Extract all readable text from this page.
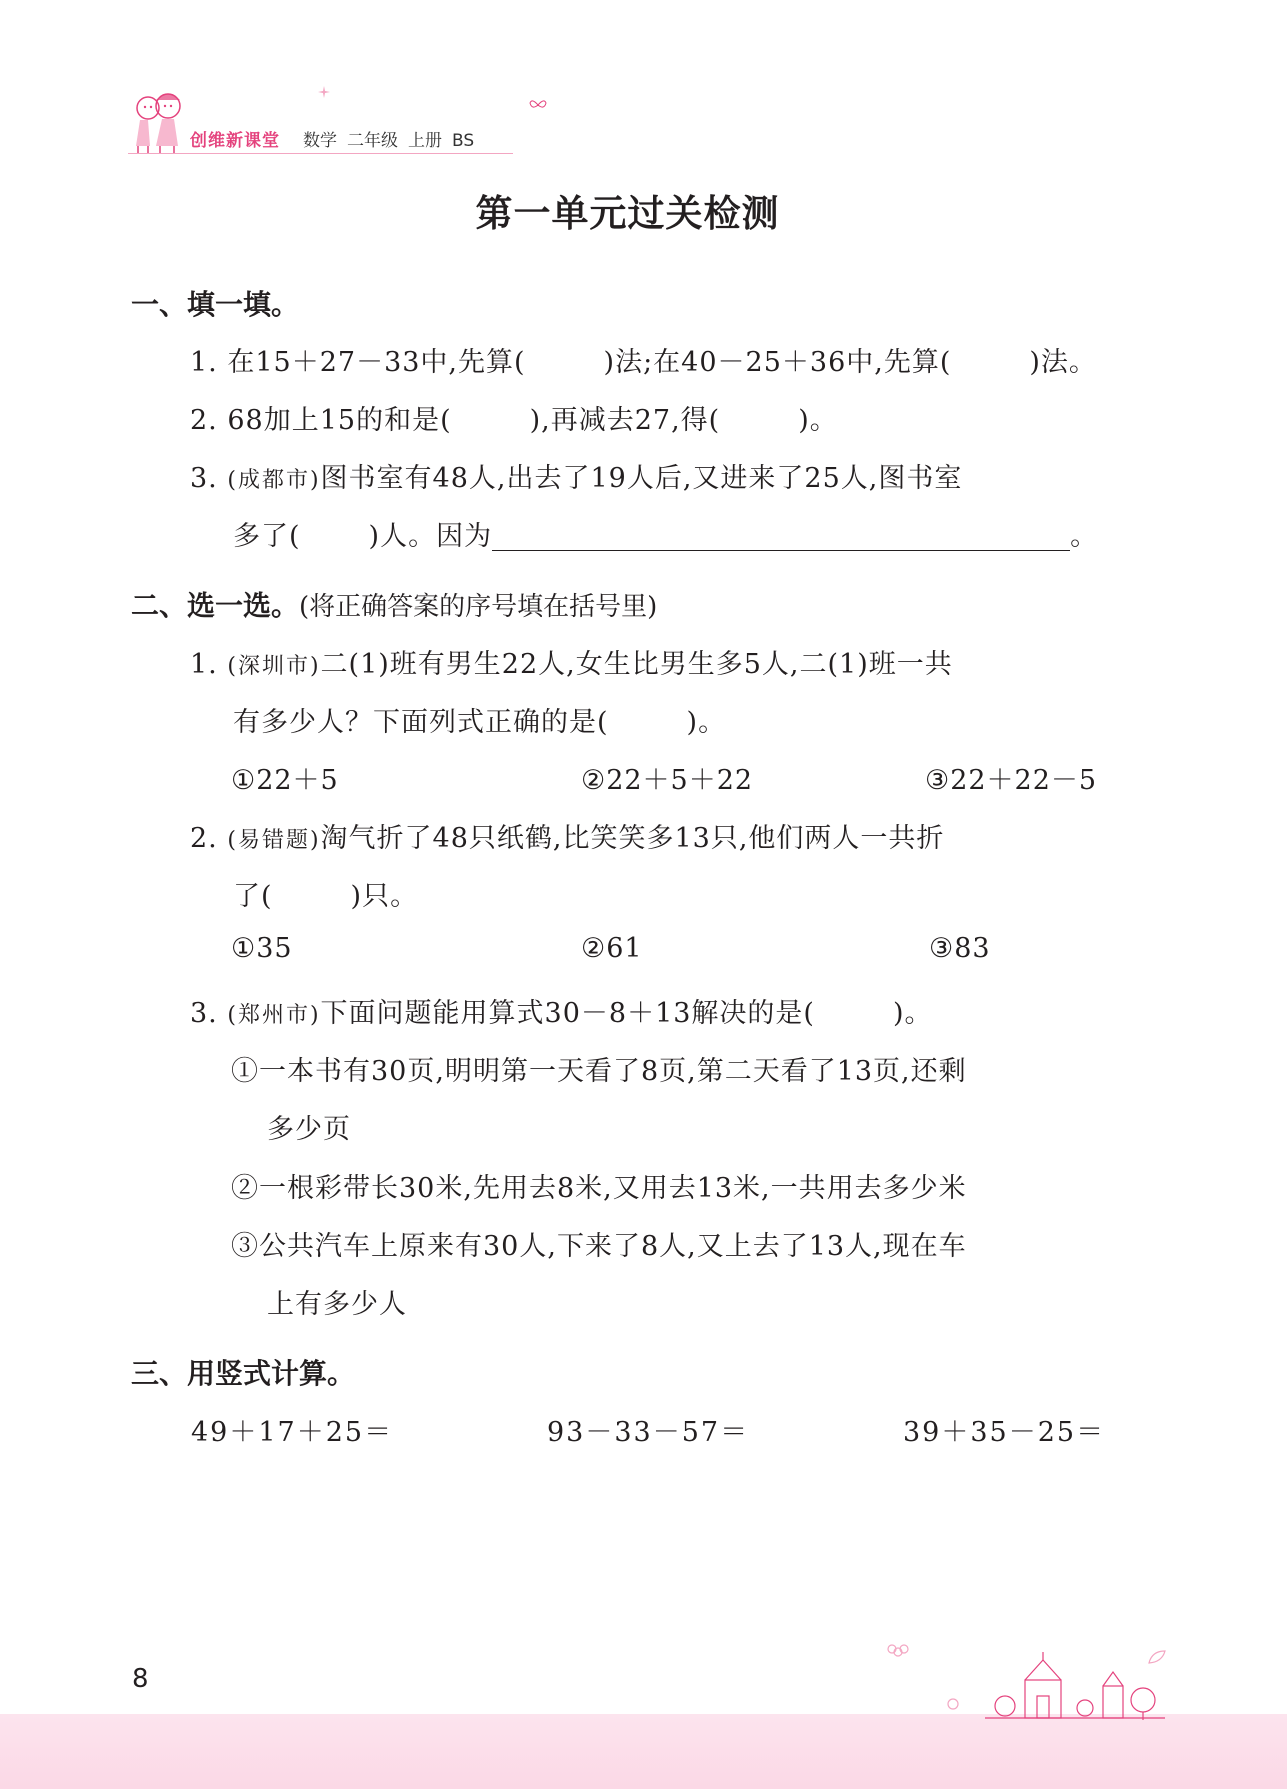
创维新课堂 数学 二年级 上册 BS
第一单元过关检测
一、填一填。
1. 在15＋27－33中,先算(	)法;在40－25＋36中,先算(	)法。
2. 68加上15的和是(	),再减去27,得(	)。
3. (成都市)图书室有48人,出去了19人后,又进来了25人,图书室
多了(	)人。因为	。
二、选一选。(将正确答案的序号填在括号里)
1. (深圳市)二(1)班有男生22人,女生比男生多5人,二(1)班一共
有多少人？下面列式正确的是(	)。
①22＋5	②22＋5＋22	③22＋22－5
2. (易错题)淘气折了48只纸鹤,比笑笑多13只,他们两人一共折
了(	)只。
①35	②61	③83
3. (郑州市)下面问题能用算式30－8＋13解决的是(	)。
①一本书有30页,明明第一天看了8页,第二天看了13页,还剩
多少页
②一根彩带长30米,先用去8米,又用去13米,一共用去多少米
③公共汽车上原来有30人,下来了8人,又上去了13人,现在车
上有多少人
三、用竖式计算。
49＋17＋25＝	93－33－57＝	39＋35－25＝
8
